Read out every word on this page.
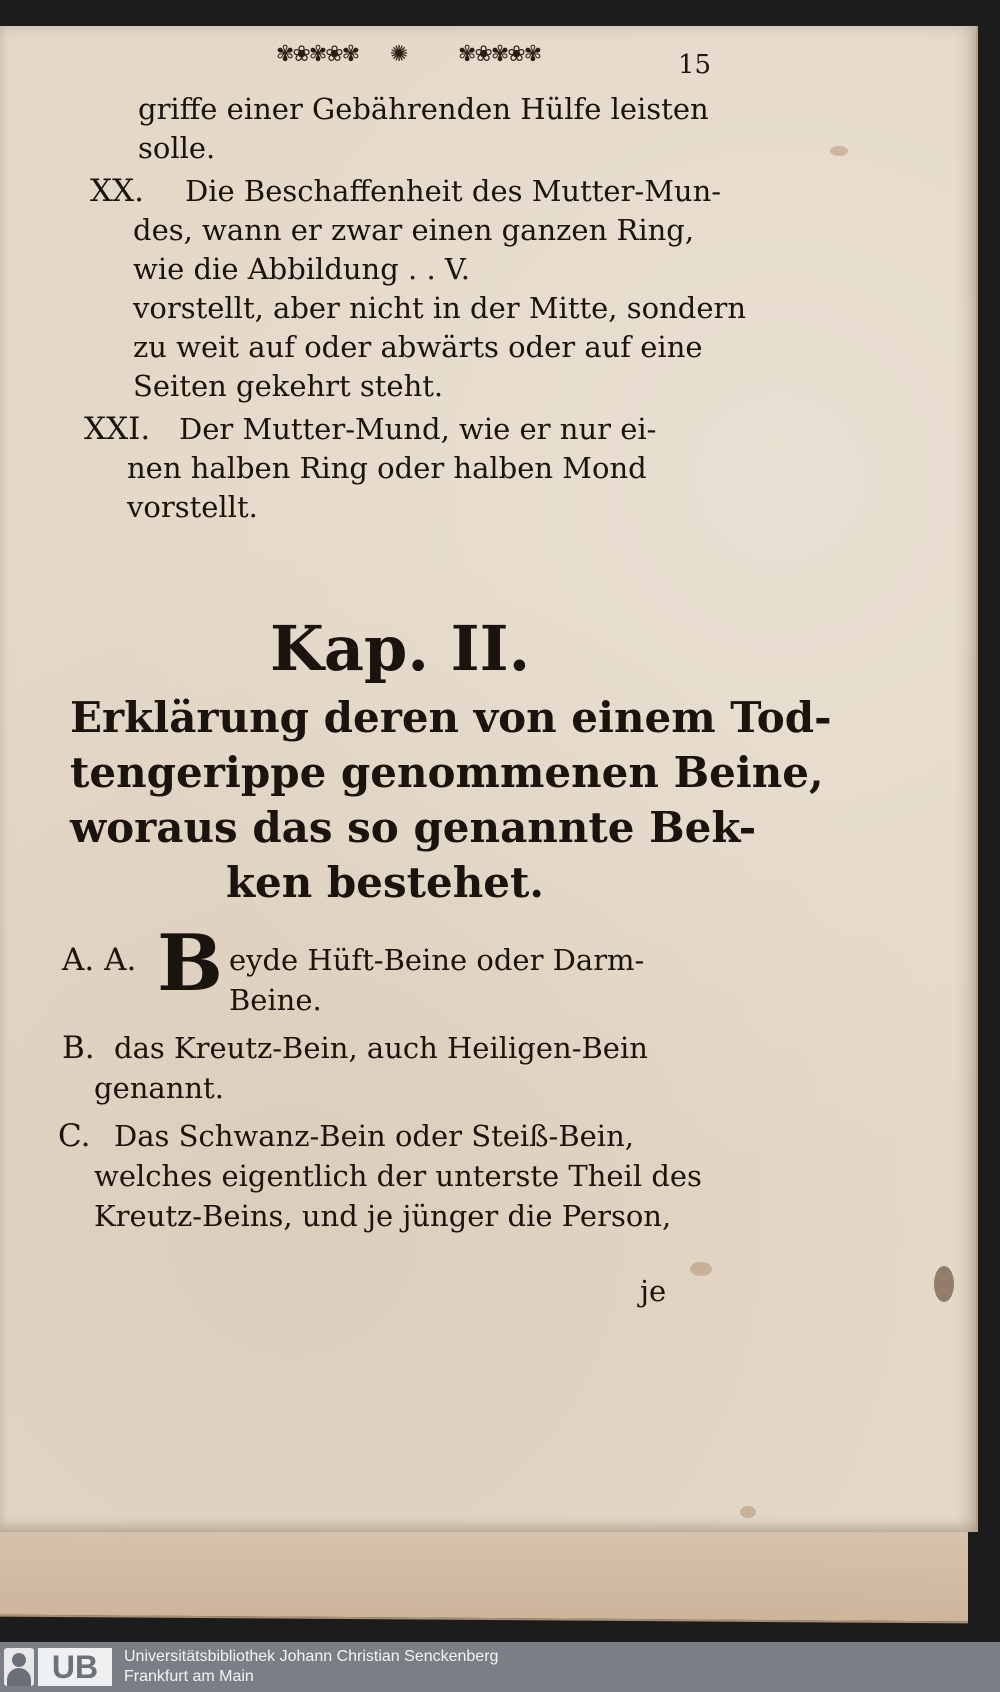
✾❀✾❀✾ ✺ ✾❀✾❀✾	15
griffe einer Gebährenden Hülfe leisten
solle.
XX.	Die Beschaffenheit des Mutter-Mun-
des, wann er zwar einen ganzen Ring,
wie die Abbildung . . V.
vorstellt, aber nicht in der Mitte, sondern
zu weit auf oder abwärts oder auf eine
Seiten gekehrt steht.
XXI. Der Mutter-Mund, wie er nur ei-
nen halben Ring oder halben Mond
vorstellt.
Kap. II.
Erklärung deren von einem Tod-
tengerippe genommenen Beine,
woraus das so genannte Bek-
ken bestehet.
A. A. B eyde Hüft-Beine oder Darm-
Beine.
B. das Kreutz-Bein, auch Heiligen-Bein
genannt.
C. Das Schwanz-Bein oder Steiß-Bein,
welches eigentlich der unterste Theil des
Kreutz-Beins, und je jünger die Person,
je
UB	Universitätsbibliothek Johann Christian Senckenberg
Frankfurt am Main
